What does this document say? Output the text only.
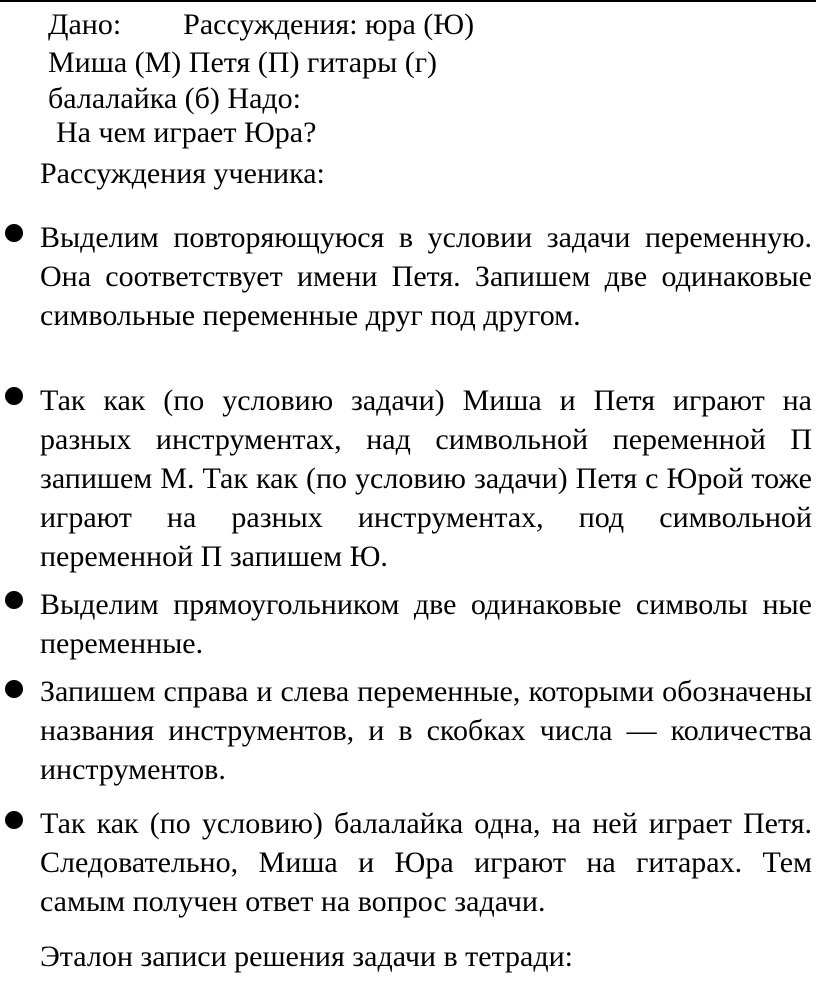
Дано: Рассуждения: юра (Ю)
Миша (М) Петя (П) гитары (г)
балалайка (б) Надо:
На чем играет Юра?
Рассуждения ученика:
Выделим повторяющуюся в условии задачи переменную. Она соответствует имени Петя. Запишем две одинаковые символьные переменные друг под другом.
Так как (по условию задачи) Миша и Петя играют на разных инструментах, над символьной переменной П запишем М. Так как (по условию задачи) Петя с Юрой тоже играют на разных инструментах, под символьной переменной П запишем Ю.
Выделим прямоугольником две одинаковые символы ные переменные.
Запишем справа и слева переменные, которыми обозначены названия инструментов, и в скобках числа — количества инструментов.
Так как (по условию) балалайка одна, на ней играет Петя. Следовательно, Миша и Юра играют на гитарах. Тем самым получен ответ на вопрос задачи.
Эталон записи решения задачи в тетради:
